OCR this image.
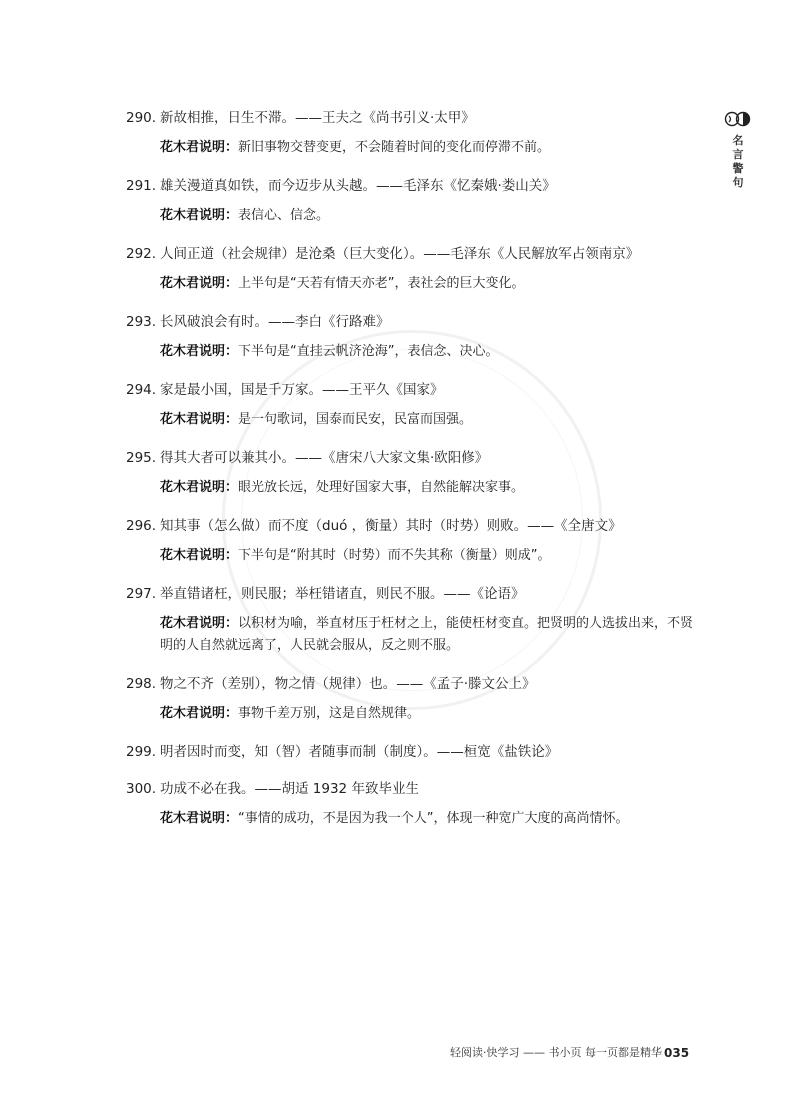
名言警句
290. 新故相推，日生不滞。——王夫之《尚书引义·太甲》
花木君说明：新旧事物交替变更，不会随着时间的变化而停滞不前。
291. 雄关漫道真如铁，而今迈步从头越。——毛泽东《忆秦娥·娄山关》
花木君说明：表信心、信念。
292. 人间正道（社会规律）是沧桑（巨大变化）。——毛泽东《人民解放军占领南京》
花木君说明：上半句是“天若有情天亦老”，表社会的巨大变化。
293. 长风破浪会有时。——李白《行路难》
花木君说明：下半句是“直挂云帆济沧海”，表信念、决心。
294. 家是最小国，国是千万家。——王平久《国家》
花木君说明：是一句歌词，国泰而民安，民富而国强。
295. 得其大者可以兼其小。——《唐宋八大家文集·欧阳修》
花木君说明：眼光放长远，处理好国家大事，自然能解决家事。
296. 知其事（怎么做）而不度（duó ，衡量）其时（时势）则败。——《全唐文》
花木君说明：下半句是“附其时（时势）而不失其称（衡量）则成”。
297. 举直错诸枉，则民服；举枉错诸直，则民不服。——《论语》
花木君说明：以积材为喻，举直材压于枉材之上，能使枉材变直。把贤明的人选拔出来，不贤明的人自然就远离了，人民就会服从，反之则不服。
298. 物之不齐（差别），物之情（规律）也。——《孟子·滕文公上》
花木君说明：事物千差万别，这是自然规律。
299. 明者因时而变，知（智）者随事而制（制度）。——桓宽《盐铁论》
300. 功成不必在我。——胡适 1932 年致毕业生
花木君说明：“事情的成功，不是因为我一个人”，体现一种宽广大度的高尚情怀。
轻阅读·快学习 —— 书小页 每一页都是精华 035
